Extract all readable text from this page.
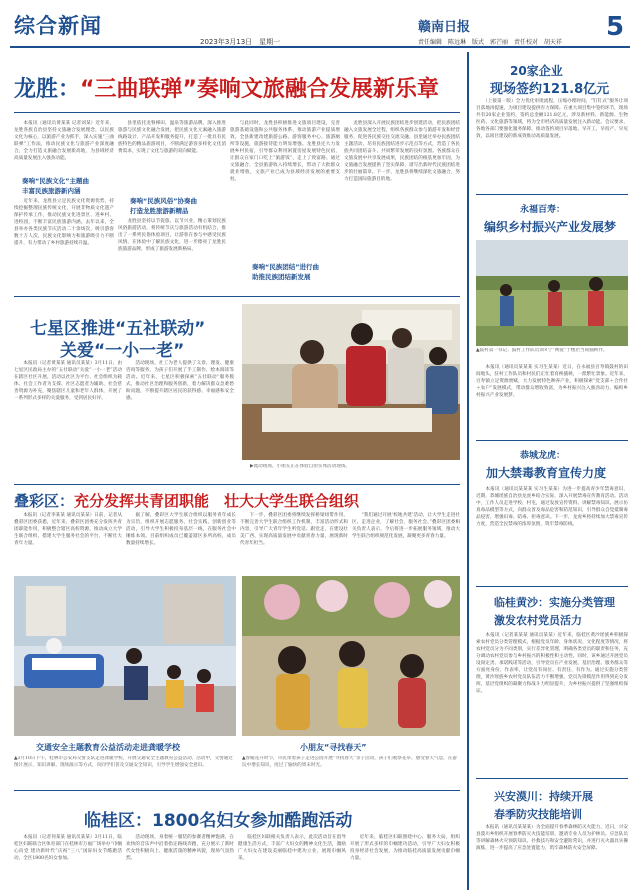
综合新闻
2023年3月13日　星期一
赣南日报	5
责任编辑　陈远琳　版式　郭芒丽　责任校对　胡天祥
龙胜：“三曲联弹”奏响文旅融合发展新乐章
　　本报讯（通讯员黄某某 记者刘某）近年来，龙胜各族自治县坚持文旅融合发展理念，以民族文化为核心，以旅游产业为抓手，深入实施“三曲联弹”工作法，推动民族文化与旅游产业深度融合，全力打造文旅融合发展新高地，为县域经济高质量发展注入强劲动能。
奏响“民族文化”主题曲
丰富民族旅游新内涵
　　近年来，龙胜县立足民族文化资源优势，持续挖掘整理民族传统文化，开展非物质文化遗产保护传承工作，推动民族文化进景区、进乡村、进校园，不断丰富民族旅游内涵。去年以来，全县举办各类民族节庆活动二十余场次，吸引游客数十万人次，民族文化影响力和旅游吸引力不断提升，有力带动了乡村旅游持续升温。
　　县里依托龙脊梯田、温泉等旅游品牌，深入推进旅游与民族文化融合发展，把民族文化元素融入旅游线路设计、产品开发和服务提升，打造了一批具有民族特色的精品旅游项目，不断满足游客多样化文化消费需求，实现了文化与旅游的双向赋能。
奏响“民族风俗”协奏曲
打造龙胜旅游新精品
　　龙胜县坚持以节促旅、以节兴业，精心策划民族风俗旅游活动，将传统节庆与旅游活动有机结合，推出了一系列民俗体验项目，让游客在参与中感受民族风情，在体验中了解民族文化，进一步擦亮了龙胜民族旅游品牌，形成了旅游发展新格局。
　　与此同时，龙胜县积极推进文旅项目建设，完善旅游基础设施和公共服务体系，推动旅游产业提质增效。全县新建改建旅游公路、游客服务中心、旅游厕所等设施，旅游接待能力明显增强。龙胜县还大力发展乡村民宿，引导群众利用闲置房屋发展特色民宿，让群众在家门口吃上“旅游饭”，走上了致富路。通过文旅融合，全县旅游收入持续增长，带动了大批群众就业增收，文旅产业已成为县域经济发展的重要支柱。
奏响“民族团结”进行曲
助推民族团结新发展
　　龙胜县深入开展民族团结进步创建活动，把民族团结融入文旅发展全过程，组织各族群众参与旅游开发和经营服务，促进各民族交往交流交融。县里通过举办民族团结主题活动、培育民族团结进步示范点等方式，营造了各民族共同团结奋斗、共同繁荣发展的良好氛围。各族群众在文旅发展中共享发展成果，民族团结的根基更加牢固，为文旅融合发展提供了坚实保障，谱写出新时代民族团结进步的壮丽篇章。下一步，龙胜县将继续深化文旅融合，努力打造国际旅游目的地。
七星区推进“五社联动”
关爱“一小一老”
　　本报讯（记者黄某某 通讯员某某）3月11日，由七星区民政局主办的“五社联动”关爱“一小一老”活动在辖区社区开展。活动以社区为平台、社会组织为载体、社会工作者为支撑、社区志愿者为辅助、社会慈善资源为补充，聚焦辖区儿童和老年人群体，开展了一系列形式多样的关爱服务，受到居民好评。
　　活动现场，社工为老人提供了义诊、理发、健康咨询等服务，为孩子们开展了手工制作、绘本阅读等活动。近年来，七星区积极探索“五社联动”服务模式，推动社区治理和服务创新，着力解决群众急难愁盼问题，不断提升辖区居民的获得感、幸福感和安全感。
▶流动现场、小朋友正在体验自由实体活动现场。
叠彩区：充分发挥共青团职能　壮大大学生联合组织
　　本报讯（记者李某某 通讯员某某）日前，记者从叠彩区团委获悉，近年来，叠彩区团委充分发挥共青团职能作用，积极整合辖区高校资源，推动成立大学生联合组织，搭建大学生服务社会的平台，不断壮大青年力量。
　　据了解，叠彩区大学生联合组织以服务青年成长为宗旨，组织开展志愿服务、社会实践、创新创业等活动，引导大学生积极投身基层一线，在服务社会中锤炼本领。目前组织成员已覆盖辖区多所高校，成员数量持续增长。
　　下一步，叠彩区团委将继续发挥桥梁纽带作用，不断完善大学生联合组织工作机制，丰富活动形式和内容，引导广大青年学生听党话、跟党走，在建设壮美广西、实现高质量发展中贡献青春力量，展现新时代青年担当。
　　“我们通过开展‘校地共建’活动，让大学生走进社区、走进企业，了解社会、服务社会。”叠彩区团委相关负责人表示，今后将进一步拓展服务领域，推动大学生联合组织规范化发展，凝聚更多青春力量。
交通安全主题教育公益活动走进龚暖学校
▲3月10日下午，桂林市公安局交警支队走进龚暖学校，开展交通安全主题教育公益活动。活动中，交警通过图片展示、知识讲解、现场演示等方式，向同学们普及交通安全知识，引导学生增强安全意识。
小朋友“寻找春天”
▲春暖花开时节，市民带着孩子走进公园开展“寻找春天”亲子活动，孩子们观察花草、感受春天气息，在游玩中增长知识，度过了愉快的周末时光。
临桂区：1800名妇女参加酷跑活动
　　本报讯（记者何某某 通讯员某某）3月11日，临桂区妇联联合区体育部门在桂林市万福广场举办“巾帼心向党 建功新时代”庆祝“三八”国际妇女节酷跑活动，全区1800名妇女参加。
　　活动现场，身着统一服装的参赛者精神饱满，在欢快的音乐声中沿着指定路线奔跑，充分展示了新时代女性积极向上、健康活泼的精神风貌，现场气氛热烈。
　　临桂区妇联相关负责人表示，此次活动旨在倡导健康生活方式，丰富广大妇女的精神文化生活，激励广大妇女在建设美丽临桂中建功立业，展现巾帼风采。
　　近年来，临桂区妇联围绕中心、服务大局，组织开展了形式多样的巾帼建功活动，引导广大妇女积极投身经济社会发展，为推动临桂高质量发展贡献巾帼力量。
20家企业
现场签约121.8亿元
　　（上接第一版）全力优化审批流程，压缩办理时间，“钉钉式”服务让项目落地再提速，为项目建设提供有力保障。在重大项目集中签约环节，现场共有20家企业签约，签约总金额121.8亿元，涉及新材料、新能源、生物医药、文化旅游等领域，将为全市经济高质量发展注入新动能。会议要求，各地各部门要强化服务保障，推动签约项目早落地、早开工、早投产、早见效，以项目建设的新成效推动高质量发展。
永福百寿：
编织乡村振兴产业发展梦
▲鼓村第一书记、鼓村工作队员刘×宁“网爱”于楼层当间插秧作。
　　本报讯（通讯员某某某 实习生某某）近日，在永福县百寿镇鼓村的田间地头，驻村工作队员和村民们正忙着育秧插秧，一派繁忙景象。近年来，百寿镇立足资源禀赋，大力发展特色种养产业，积极探索“党支部＋合作社＋农户”发展模式，带动群众增收致富，为乡村振兴注入强劲动力，编织乡村振兴产业发展梦。
恭城龙虎：
加大禁毒教育宣传力度
　　本报讯（通讯员某某某 实习生某某）为进一步提高青少年禁毒意识，近期，恭城瑶族自治县龙虎乡结合实际，深入开展禁毒宣传教育活动。活动中，工作人员走进学校、村屯，通过发放宣传资料、讲解禁毒知识、展示仿真毒品模型等方式，向群众普及毒品危害和防范知识，引导群众自觉抵制毒品侵害，增强识毒、防毒、拒毒意识。下一步，龙虎乡将持续加大禁毒宣传力度，营造全民禁毒的浓厚氛围，筑牢禁毒防线。
临桂黄沙：实施分类管理
激发农村党员活力
　　本报讯（记者某某某 通讯员某某）近年来，临桂区黄沙瑶族乡积极探索农村党员分类管理模式，根据党员年龄、身体状况、文化程度等情况，将农村党员分为不同类别，实行差异化管理，明确各类党员的职责和任务，充分调动农村党员参与乡村振兴的积极性和主动性。同时，该乡通过开展党员设岗定责、承诺践诺等活动，引导党员在产业发展、基层治理、服务群众等方面亮身份、作表率，让党员有岗位、有责任、有作为。通过实施分类管理，黄沙瑶族乡农村党员队伍活力不断增强，党员先锋模范作用得到充分发挥，基层党组织的凝聚力和战斗力明显提升，为乡村振兴提供了坚强组织保证。
兴安漠川：持续开展
春季防灾技能培训
　　本报讯（通讯员某某某）为全面提升春季森林防灭火能力，近日，兴安县漠川乡组织开展春季防灭火技能培训，邀请专业人员为护林员、应急队员等讲解森林火灾预防知识、扑救技巧和安全避险常识，并进行灭火器具实操演练，进一步提高了应急处置能力，筑牢森林防火安全屏障。
